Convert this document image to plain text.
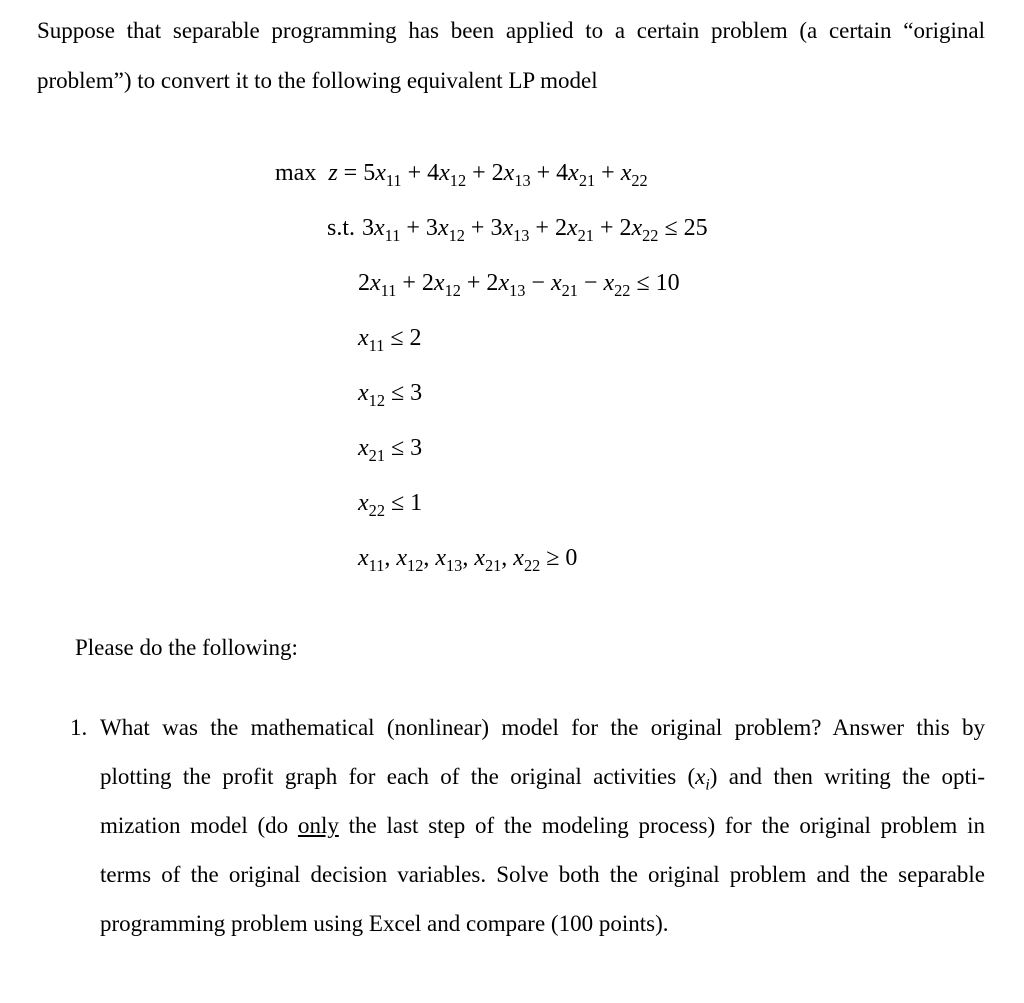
Suppose that separable programming has been applied to a certain problem (a certain “original

problem”) to convert it to the following equivalent LP model

$\max z = 5x_{11} + 4x_{12} + 2x_{13} + 4x_{21} + x_{22}$
s.t. $3x_{11} + 3x_{12} + 3x_{13} + 2x_{21} + 2x_{22} \le 25$
$2x_{11} + 2x_{12} + 2x_{13} - x_{21} - x_{22} \le 10$
$x_{11} \le 2$
$x_{12} \le 3$
$x_{21} \le 3$
$x_{22} \le 1$
$x_{11}$, $x_{12}$, $x_{13}$, $x_{21}$, $x_{22} \ge 0$

Please do the following:

1. What was the mathematical (nonlinear) model for the original problem? Answer this by

plotting the profit graph for each of the original activities $(x_i)$ and then writing the opti-

mization model (do only the last step of the modeling process) for the original problem in

terms of the original decision variables. Solve both the original problem and the separable

programming problem using Excel and compare (100 points).
